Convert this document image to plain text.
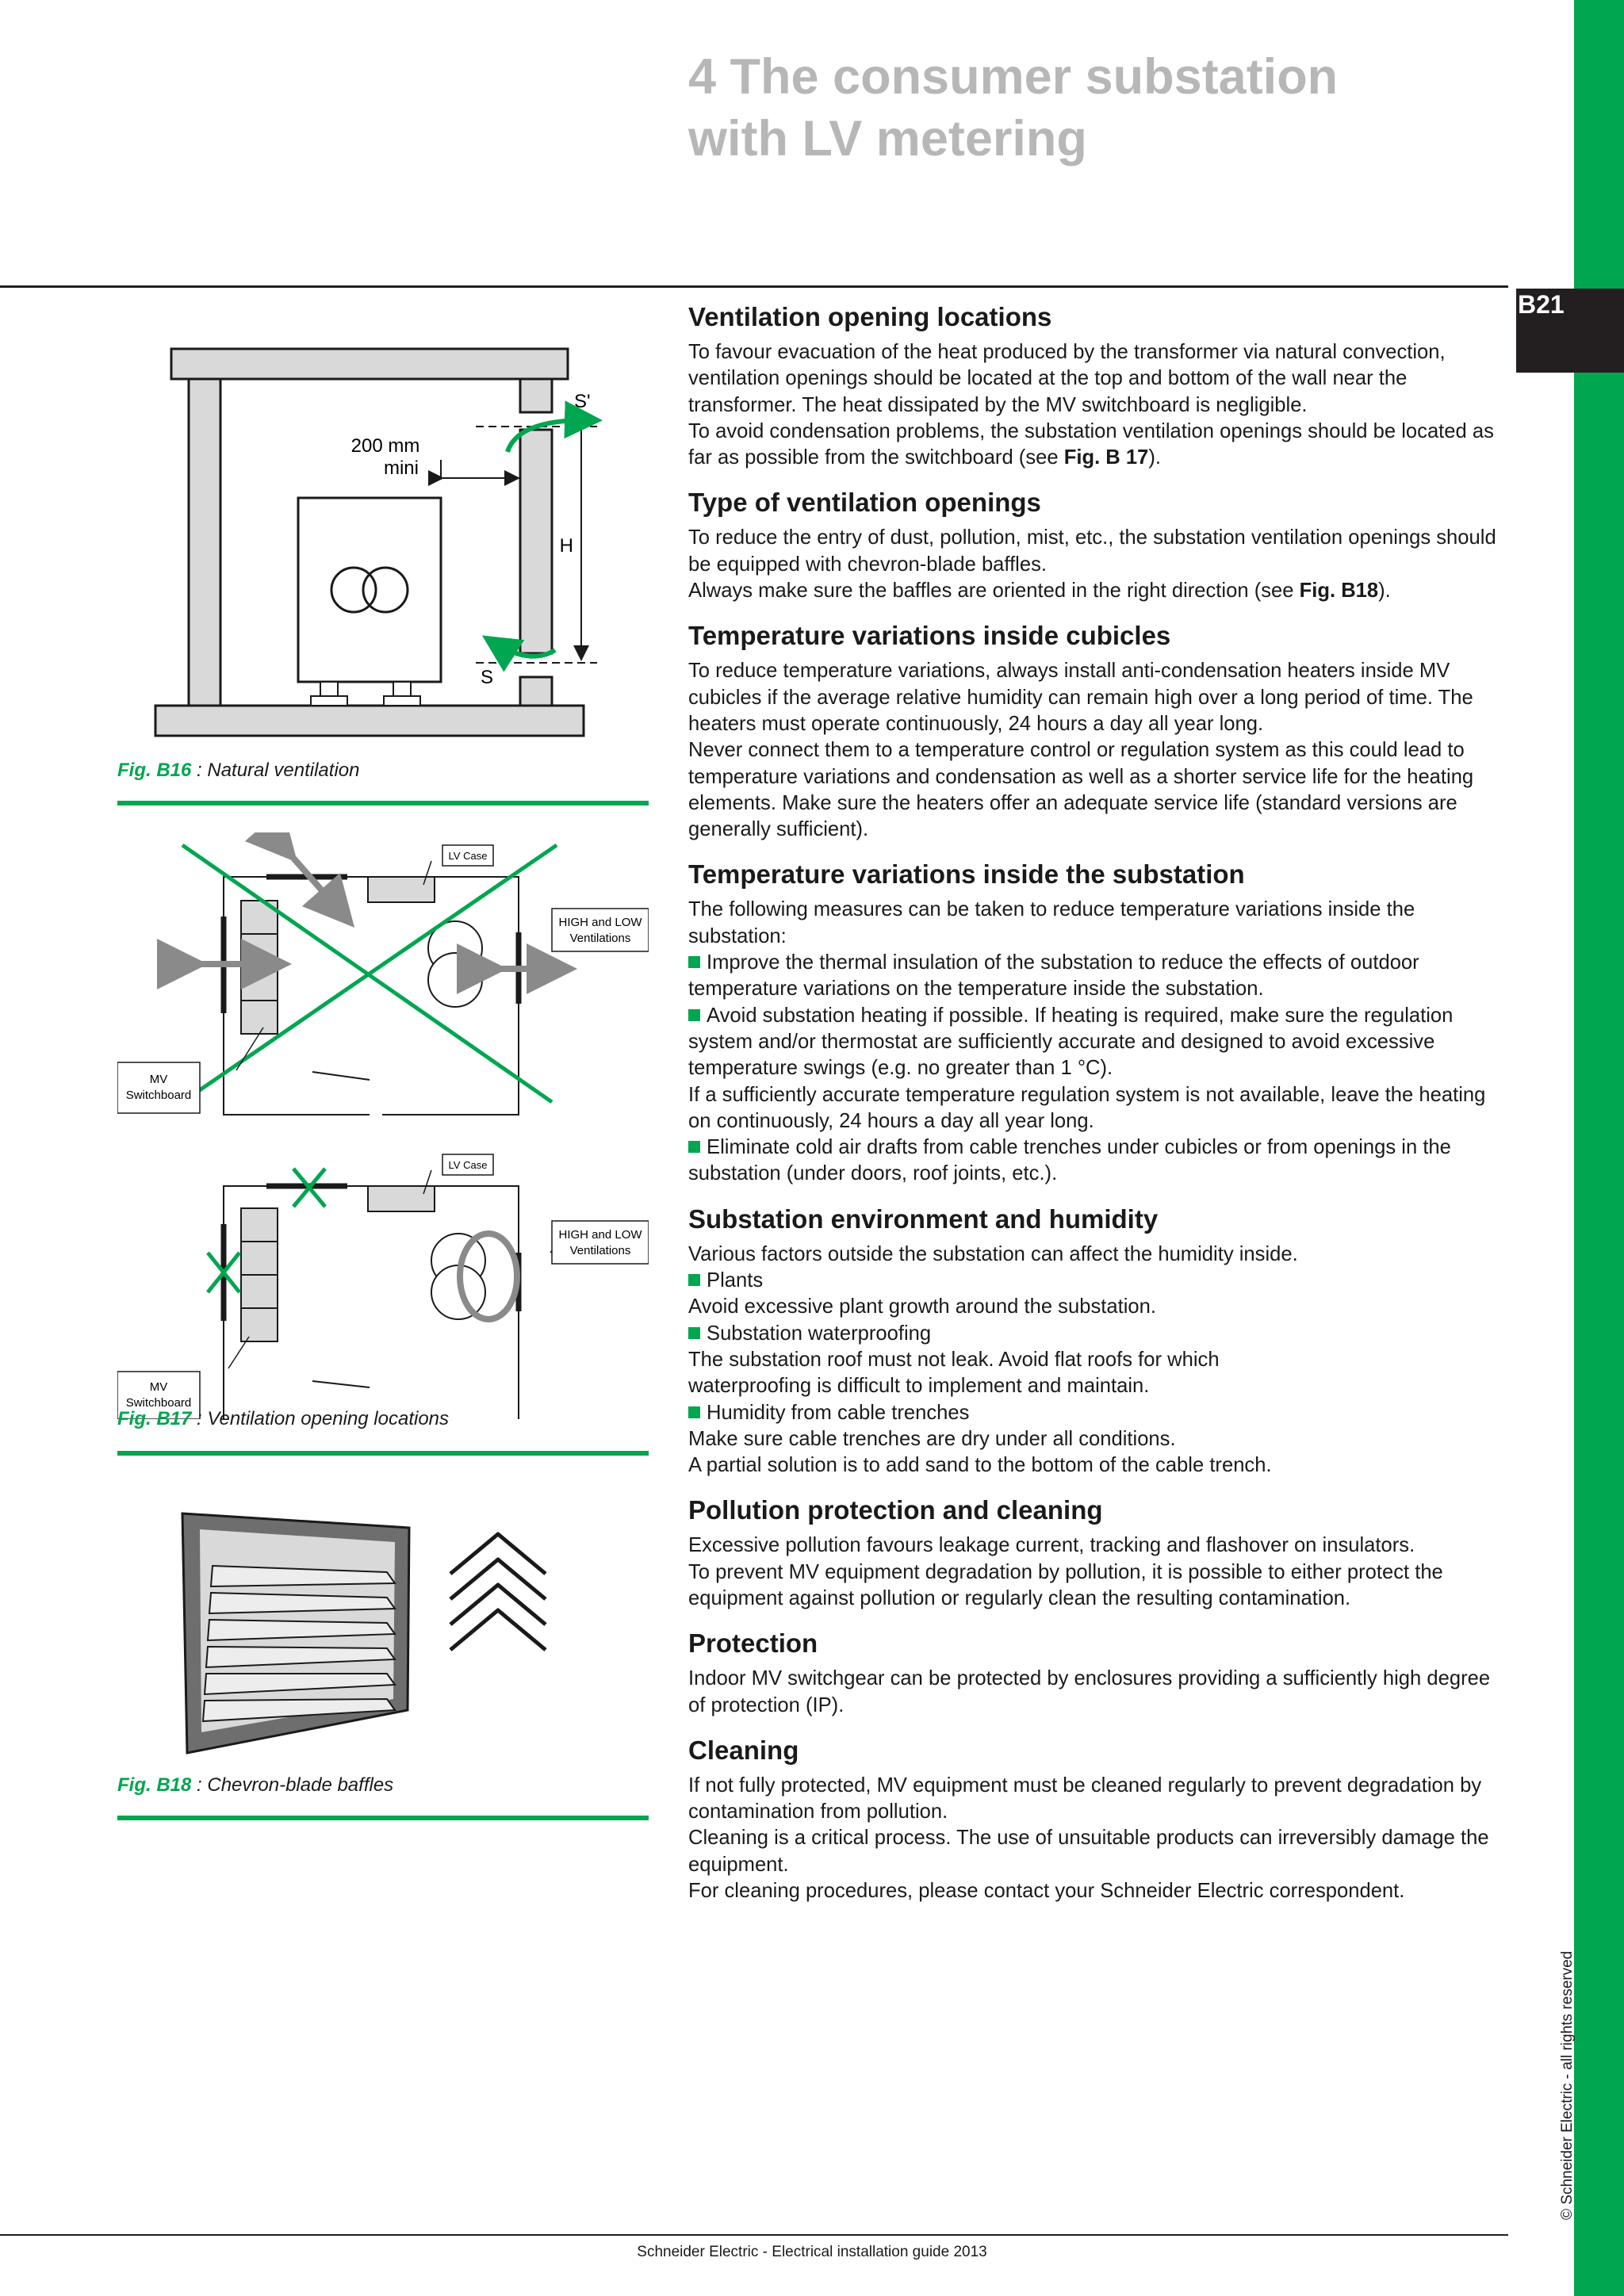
B21
© Schneider Electric - all rights reserved
4 The consumer substation
with LV metering
200 mm
mini
H
S'
S
Fig. B16 : Natural ventilation
LV Case
HIGH and LOW
Ventilations
MV
Switchboard
LV Case
HIGH and LOW
Ventilations
MV
Switchboard
Fig. B17 : Ventilation opening locations
Fig. B18 : Chevron-blade baffles
Ventilation opening locations

To favour evacuation of the heat produced by the transformer via natural convection, ventilation openings should be located at the top and bottom of the wall near the transformer. The heat dissipated by the MV switchboard is negligible.

To avoid condensation problems, the substation ventilation openings should be located as far as possible from the switchboard (see Fig. B 17).

Type of ventilation openings

To reduce the entry of dust, pollution, mist, etc., the substation ventilation openings should be equipped with chevron-blade baffles.

Always make sure the baffles are oriented in the right direction (see Fig. B18).

Temperature variations inside cubicles

To reduce temperature variations, always install anti-condensation heaters inside MV cubicles if the average relative humidity can remain high over a long period of time. The heaters must operate continuously, 24 hours a day all year long.

Never connect them to a temperature control or regulation system as this could lead to temperature variations and condensation as well as a shorter service life for the heating elements. Make sure the heaters offer an adequate service life (standard versions are generally sufficient).

Temperature variations inside the substation

The following measures can be taken to reduce temperature variations inside the substation:

Improve the thermal insulation of the substation to reduce the effects of outdoor temperature variations on the temperature inside the substation.

Avoid substation heating if possible. If heating is required, make sure the regulation system and/or thermostat are sufficiently accurate and designed to avoid excessive temperature swings (e.g. no greater than 1 °C).

If a sufficiently accurate temperature regulation system is not available, leave the heating on continuously, 24 hours a day all year long.

Eliminate cold air drafts from cable trenches under cubicles or from openings in the substation (under doors, roof joints, etc.).

Substation environment and humidity

Various factors outside the substation can affect the humidity inside.

Plants

Avoid excessive plant growth around the substation.

Substation waterproofing

The substation roof must not leak. Avoid flat roofs for which

waterproofing is difficult to implement and maintain.

Humidity from cable trenches

Make sure cable trenches are dry under all conditions.

A partial solution is to add sand to the bottom of the cable trench.

Pollution protection and cleaning

Excessive pollution favours leakage current, tracking and flashover on insulators.

To prevent MV equipment degradation by pollution, it is possible to either protect the equipment against pollution or regularly clean the resulting contamination.

Protection

Indoor MV switchgear can be protected by enclosures providing a sufficiently high degree of protection (IP).

Cleaning

If not fully protected, MV equipment must be cleaned regularly to prevent degradation by contamination from pollution.

Cleaning is a critical process. The use of unsuitable products can irreversibly damage the equipment.

For cleaning procedures, please contact your Schneider Electric correspondent.

Schneider Electric - Electrical installation guide 2013
